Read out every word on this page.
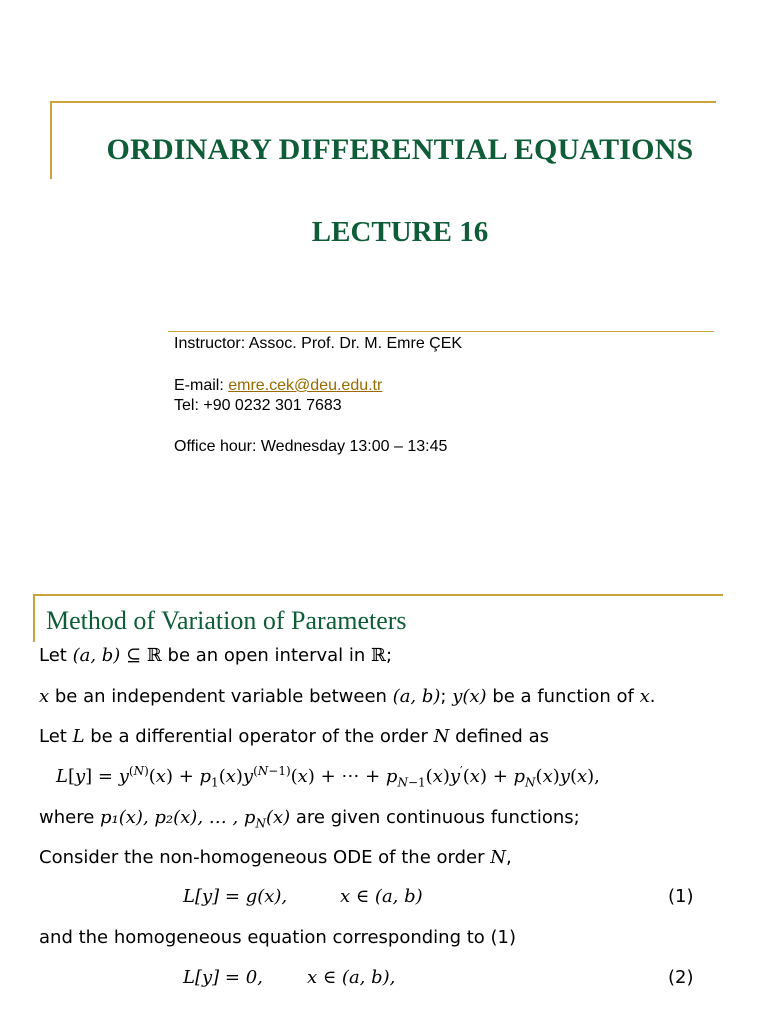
ORDINARY DIFFERENTIAL EQUATIONS
LECTURE 16
Instructor: Assoc. Prof. Dr. M. Emre ÇEK
E-mail: emre.cek@deu.edu.tr
Tel: +90 0232 301 7683
Office hour: Wednesday 13:00 – 13:45
Method of Variation of Parameters
Let (a, b) ⊆ ℝ be an open interval in ℝ;
x be an independent variable between (a, b); y(x) be a function of x.
Let L be a differential operator of the order N defined as
$L[y] = y^{(N)}(x) + p_1(x)y^{(N-1)}(x)$ + ⋯ + $p_{N-1}(x)y'(x) + p_N(x)y(x)$,
where p₁(x), p₂(x), … , $p_N(x)$ are given continuous functions;
Consider the non-homogeneous ODE of the order N,
L[y] = g(x),	x ∈ (a, b)	(1)
and the homogeneous equation corresponding to (1)
L[y] = 0, x ∈ (a, b),	(2)
